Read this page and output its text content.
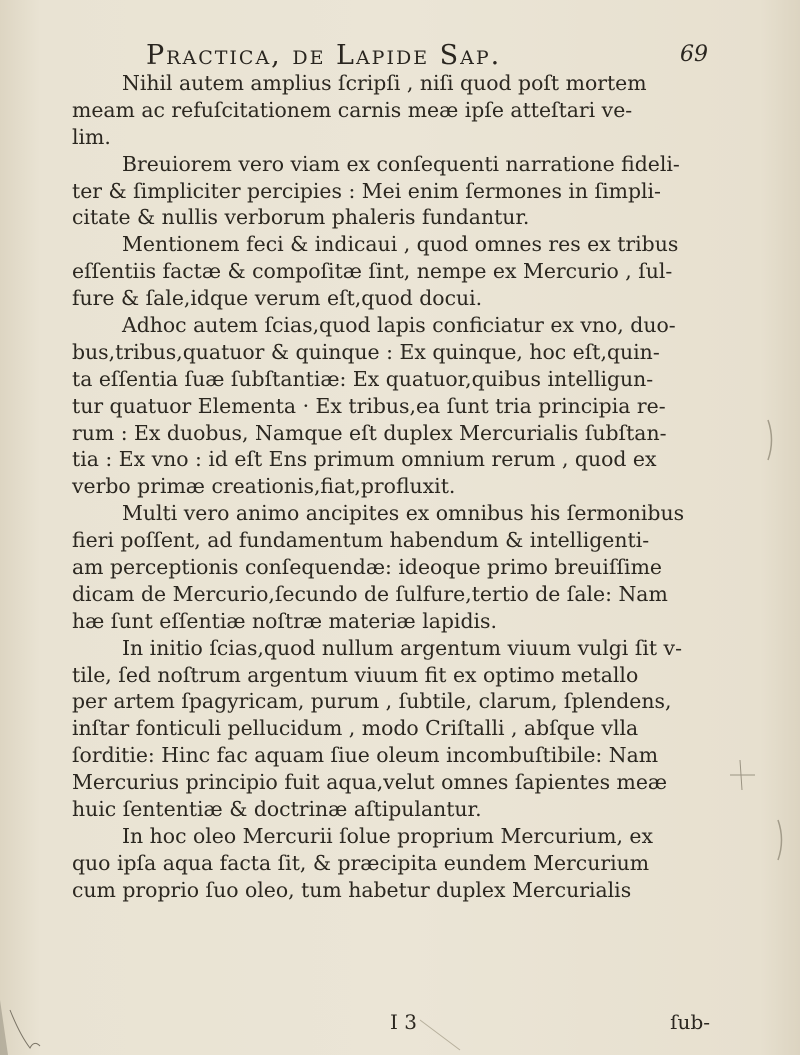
Practica, de Lapide Sap.	69
Nihil autem amplius ſcripſi , niſi quod poſt mortem
meam ac refuſcitationem carnis meæ ipſe atteſtari ve-
lim.
Breuiorem vero viam ex conſequenti narratione fideli-
ter & ſimpliciter percipies : Mei enim ſermones in ſimpli-
citate & nullis verborum phaleris fundantur.
Mentionem feci & indicaui , quod omnes res ex tribus
eſſentiis factæ & compoſitæ ſint, nempe ex Mercurio , ſul-
fure & ſale,idque verum eſt,quod docui.
Adhoc autem ſcias,quod lapis conficiatur ex vno, duo-
bus,tribus,quatuor & quinque : Ex quinque, hoc eſt,quin-
ta eſſentia ſuæ ſubſtantiæ: Ex quatuor,quibus intelligun-
tur quatuor Elementa · Ex tribus,ea ſunt tria principia re-
rum : Ex duobus, Namque eſt duplex Mercurialis ſubſtan-
tia : Ex vno : id eſt Ens primum omnium rerum , quod ex
verbo primæ creationis,fiat,profluxit.
Multi vero animo ancipites ex omnibus his ſermonibus
fieri poſſent, ad fundamentum habendum & intelligenti-
am perceptionis conſequendæ: ideoque primo breuiſſime
dicam de Mercurio,ſecundo de ſulfure,tertio de ſale: Nam
hæ ſunt eſſentiæ noſtræ materiæ lapidis.
In initio ſcias,quod nullum argentum viuum vulgi ſit v-
tile, ſed noſtrum argentum viuum fit ex optimo metallo
per artem ſpagyricam, purum , ſubtile, clarum, ſplendens,
inſtar fonticuli pellucidum , modo Criſtalli , abſque vlla
ſorditie: Hinc fac aquam ſiue oleum incombuſtibile: Nam
Mercurius principio fuit aqua,velut omnes ſapientes meæ
huic ſententiæ & doctrinæ aſtipulantur.
In hoc oleo Mercurii ſolue proprium Mercurium, ex
quo ipſa aqua facta ſit, & præcipita eundem Mercurium
cum proprio ſuo oleo, tum habetur duplex Mercurialis
I 3	ſub-
